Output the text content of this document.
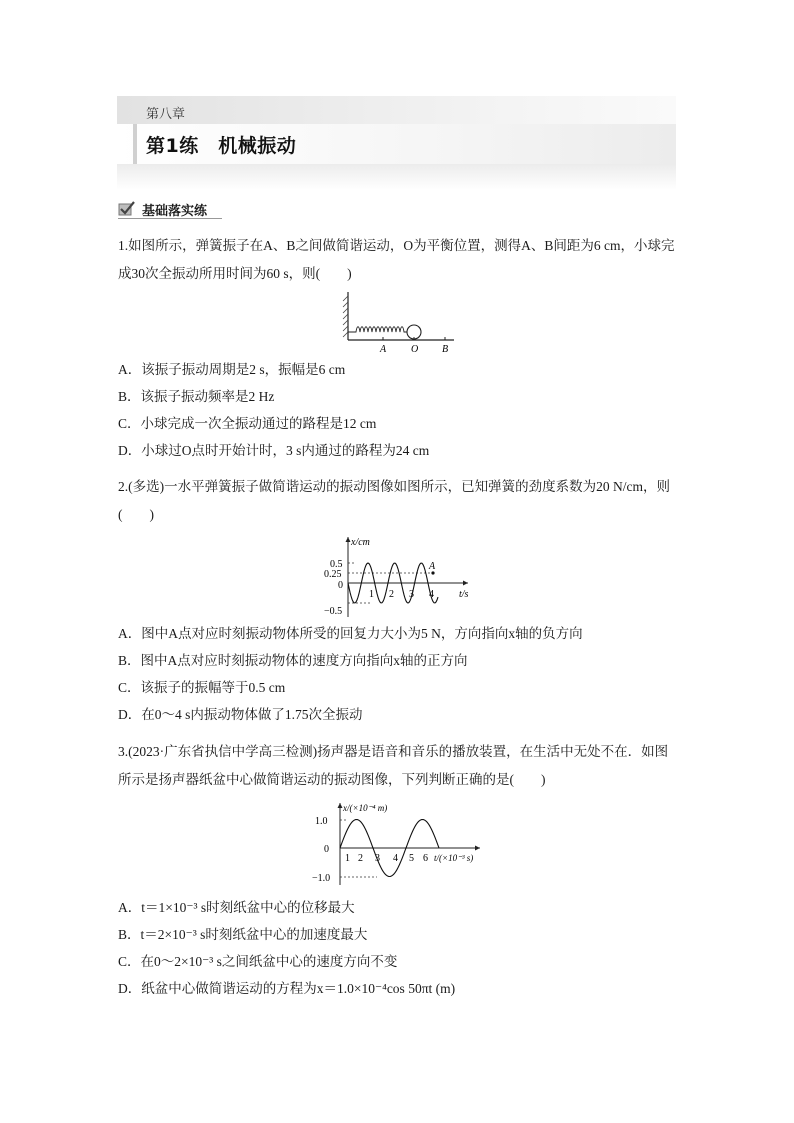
第八章
第1练　机械振动
基础落实练
1.如图所示，弹簧振子在A、B之间做简谐运动，O为平衡位置，测得A、B间距为6 cm，小球完成30次全振动所用时间为60 s，则(　　)
A O B
A．该振子振动周期是2 s，振幅是6 cm
B．该振子振动频率是2 Hz
C．小球完成一次全振动通过的路程是12 cm
D．小球过O点时开始计时，3 s内通过的路程为24 cm
2.(多选)一水平弹簧振子做简谐运动的振动图像如图所示，已知弹簧的劲度系数为20 N/cm，则(　　)
x/cm
t/s
0.5
0.25
0
−0.5
1 2 3 4
A
A．图中A点对应时刻振动物体所受的回复力大小为5 N，方向指向x轴的负方向
B．图中A点对应时刻振动物体的速度方向指向x轴的正方向
C．该振子的振幅等于0.5 cm
D．在0～4 s内振动物体做了1.75次全振动
3.(2023·广东省执信中学高三检测)扬声器是语音和音乐的播放装置，在生活中无处不在．如图所示是扬声器纸盆中心做简谐运动的振动图像，下列判断正确的是(　　)
x/(×10⁻⁴ m)
t/(×10⁻³ s)
1.0
0
−1.0
1 2 3 4 5 6
A．t＝1×10⁻³ s时刻纸盆中心的位移最大
B．t＝2×10⁻³ s时刻纸盆中心的加速度最大
C．在0～2×10⁻³ s之间纸盆中心的速度方向不变
D．纸盆中心做简谐运动的方程为x＝1.0×10⁻⁴cos 50πt (m)
